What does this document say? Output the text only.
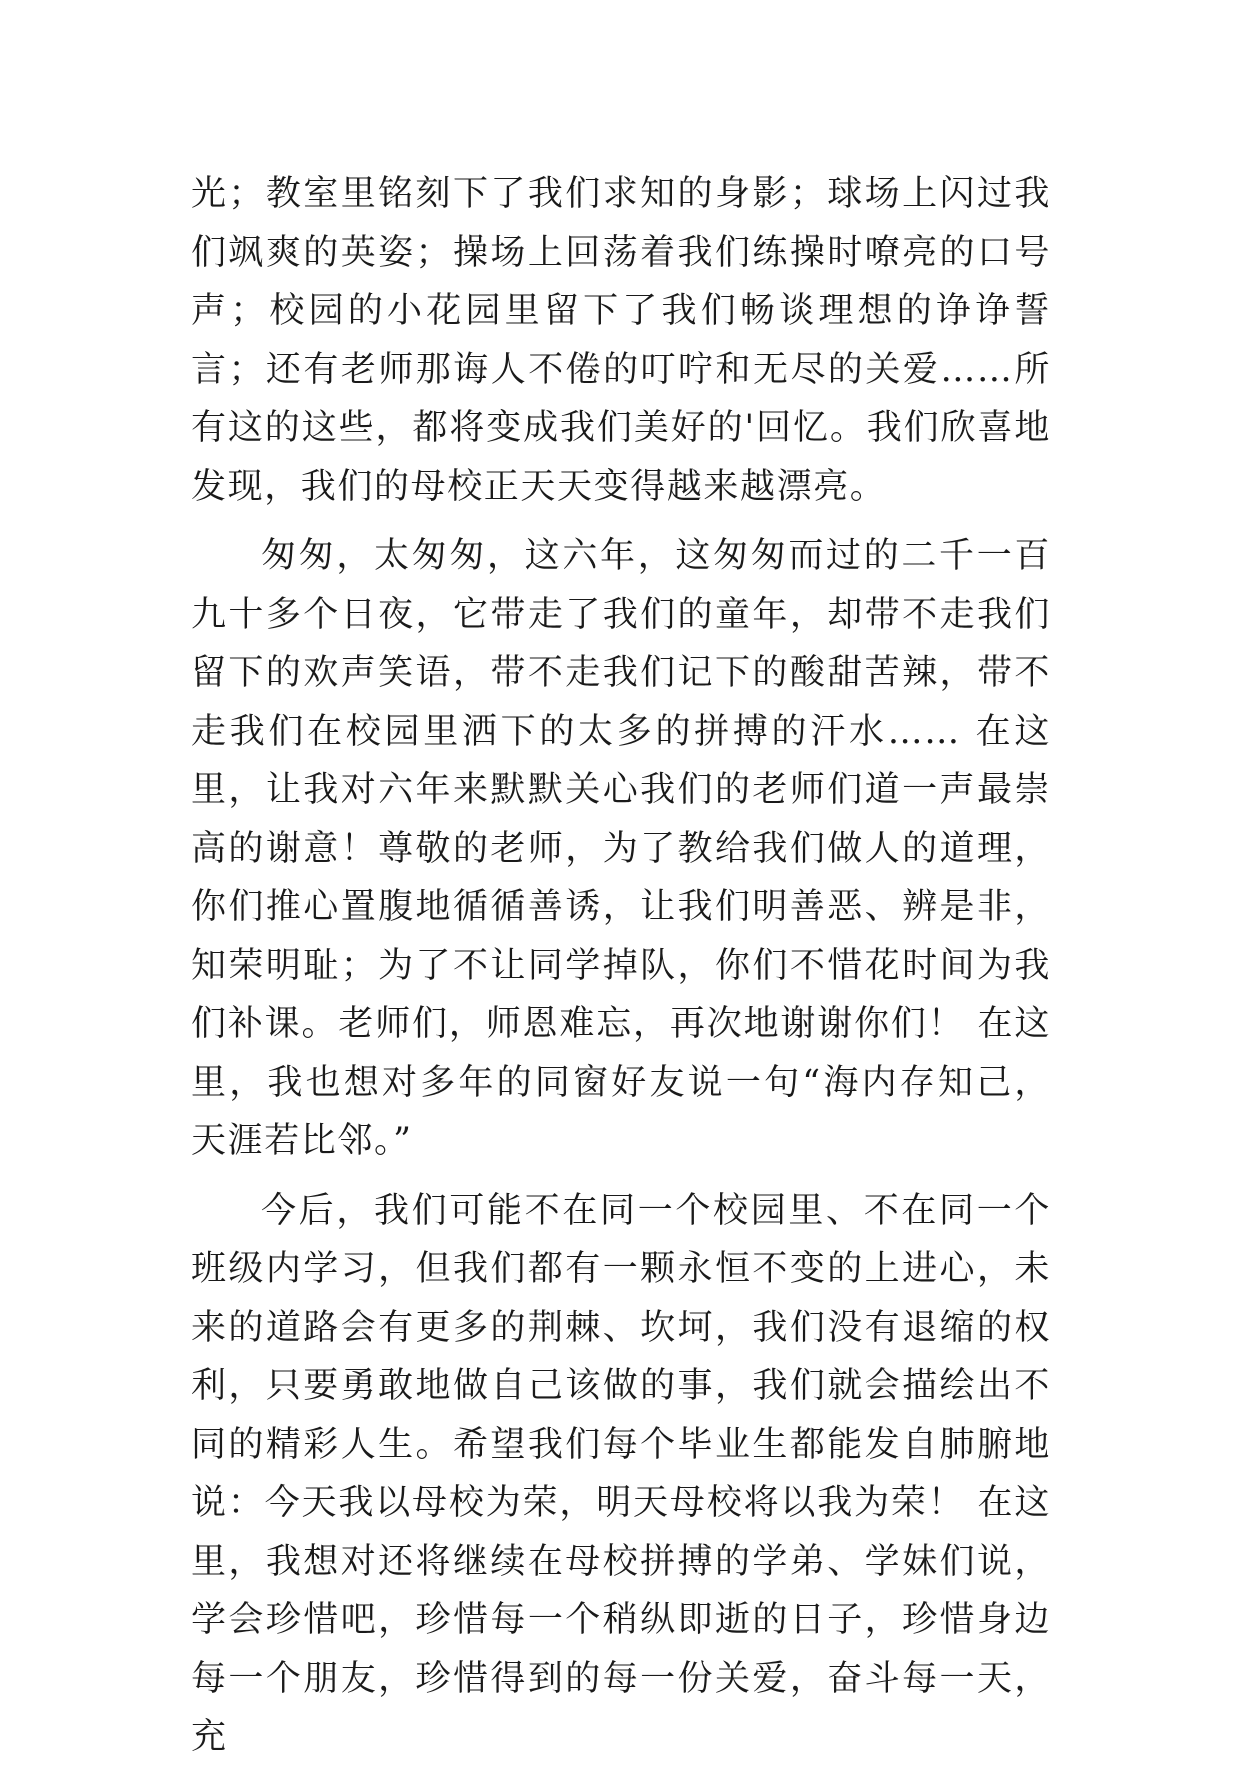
光；教室里铭刻下了我们求知的身影；球场上闪过我们飒爽的英姿；操场上回荡着我们练操时嘹亮的口号声；校园的小花园里留下了我们畅谈理想的诤诤誓言；还有老师那诲人不倦的叮咛和无尽的关爱……所有这的这些，都将变成我们美好的'回忆。我们欣喜地发现，我们的母校正天天变得越来越漂亮。

匆匆，太匆匆，这六年，这匆匆而过的二千一百九十多个日夜，它带走了我们的童年，却带不走我们留下的欢声笑语，带不走我们记下的酸甜苦辣，带不走我们在校园里洒下的太多的拼搏的汗水…… 在这里，让我对六年来默默关心我们的老师们道一声最崇高的谢意！尊敬的老师，为了教给我们做人的道理，你们推心置腹地循循善诱，让我们明善恶、辨是非，知荣明耻；为了不让同学掉队，你们不惜花时间为我们补课。老师们，师恩难忘，再次地谢谢你们！ 在这里，我也想对多年的同窗好友说一句“海内存知己，天涯若比邻。”

今后，我们可能不在同一个校园里、不在同一个班级内学习，但我们都有一颗永恒不变的上进心，未来的道路会有更多的荆棘、坎坷，我们没有退缩的权利，只要勇敢地做自己该做的事，我们就会描绘出不同的精彩人生。希望我们每个毕业生都能发自肺腑地说：今天我以母校为荣，明天母校将以我为荣！ 在这里，我想对还将继续在母校拼搏的学弟、学妹们说，学会珍惜吧，珍惜每一个稍纵即逝的日子，珍惜身边每一个朋友，珍惜得到的每一份关爱，奋斗每一天，充
